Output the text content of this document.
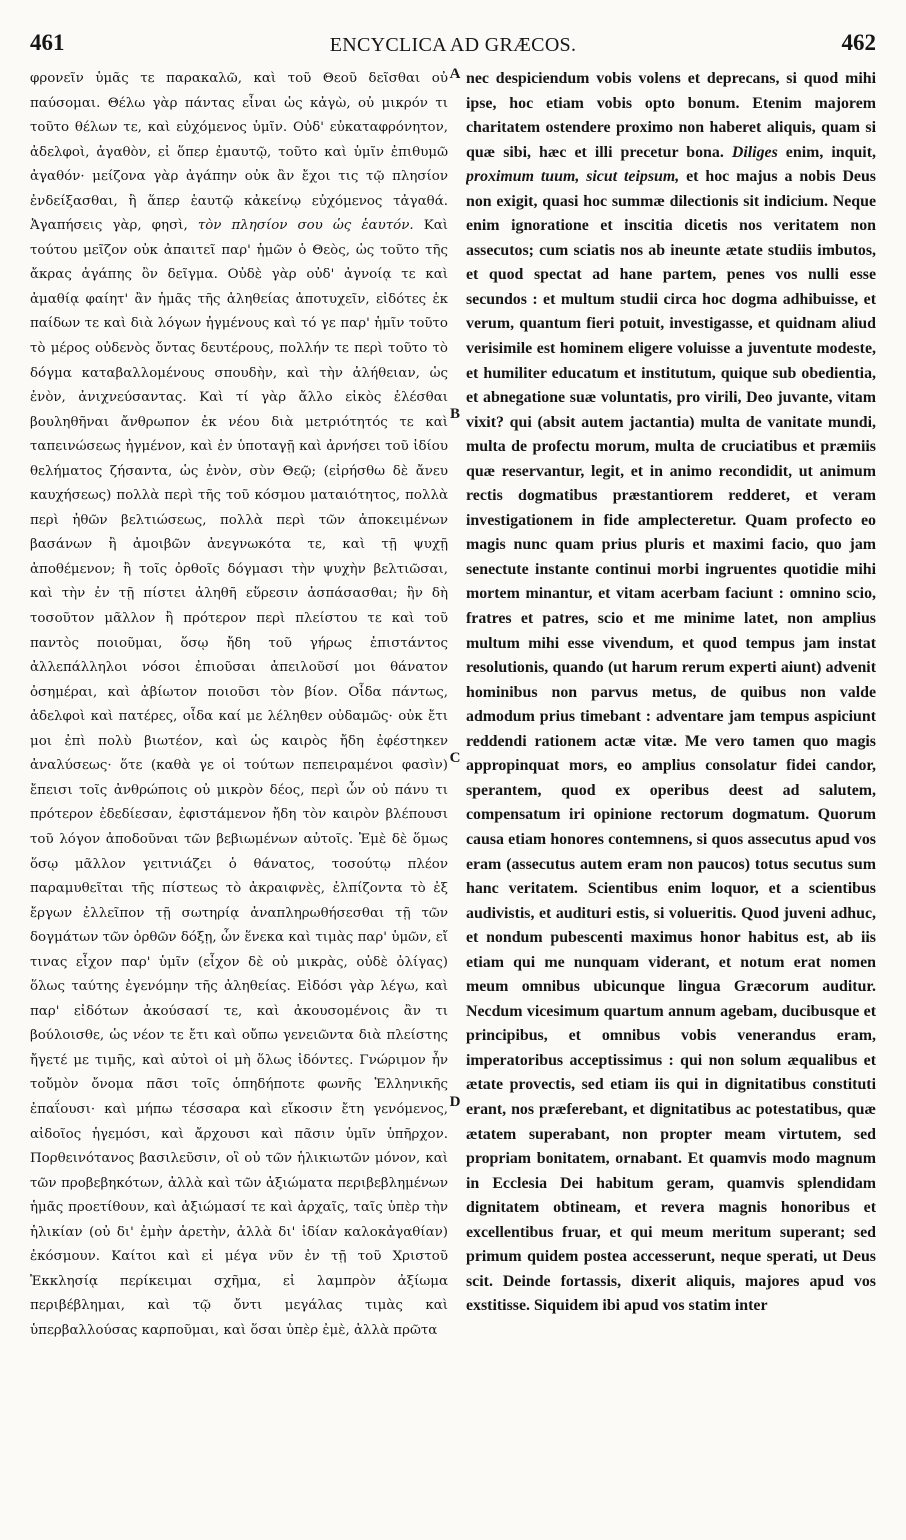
461	ENCYCLICA AD GRÆCOS.	462

φρονεῖν ὑμᾶς τε παρακαλῶ, καὶ τοῦ Θεοῦ δεῖσθαι οὐ παύσομαι. Θέλω γὰρ πάντας εἶναι ὡς κἀγὼ, οὐ μικρόν τι τοῦτο θέλων τε, καὶ εὐχόμενος ὑμῖν. Οὐδ' εὐκαταφρόνητον, ἀδελφοὶ, ἀγαθὸν, εἰ ὅπερ ἐμαυτῷ, τοῦτο καὶ ὑμῖν ἐπιθυμῶ ἀγαθόν· μείζονα γὰρ ἀγάπην οὐκ ἂν ἔχοι τις τῷ πλησίον ἐνδείξασθαι, ἢ ἅπερ ἑαυτῷ κἀκείνῳ εὐχόμενος τἀγαθά. Ἀγαπήσεις γὰρ, φησὶ, τὸν πλησίον σου ὡς ἑαυτόν. Καὶ τούτου μεῖζον οὐκ ἀπαιτεῖ παρ' ἡμῶν ὁ Θεὸς, ὡς τοῦτο τῆς ἄκρας ἀγάπης ὂν δεῖγμα. Οὐδὲ γὰρ οὐδ' ἀγνοίᾳ τε καὶ ἀμαθίᾳ φαίητ' ἂν ἡμᾶς τῆς ἀληθείας ἀποτυχεῖν, εἰδότες ἐκ παίδων τε καὶ διὰ λόγων ἠγμένους καὶ τό γε παρ' ἡμῖν τοῦτο τὸ μέρος οὐδενὸς ὄντας δευτέρους, πολλήν τε περὶ τοῦτο τὸ δόγμα καταβαλλομένους σπουδὴν, καὶ τὴν ἀλήθειαν, ὡς ἐνὸν, ἀνιχνεύσαντας. Καὶ τί γὰρ ἄλλο εἰκὸς ἑλέσθαι βουληθῆναι ἄνθρωπον ἐκ νέου διὰ μετριότητός τε καὶ ταπεινώσεως ἠγμένον, καὶ ἐν ὑποταγῇ καὶ ἀρνήσει τοῦ ἰδίου θελήματος ζήσαντα, ὡς ἐνὸν, σὺν Θεῷ; (εἰρήσθω δὲ ἄνευ καυχήσεως) πολλὰ περὶ τῆς τοῦ κόσμου ματαιότητος, πολλὰ περὶ ἠθῶν βελτιώσεως, πολλὰ περὶ τῶν ἀποκειμένων βασάνων ἢ ἀμοιβῶν ἀνεγνωκότα τε, καὶ τῇ ψυχῇ ἀποθέμενον; ἢ τοῖς ὀρθοῖς δόγμασι τὴν ψυχὴν βελτιῶσαι, καὶ τὴν ἐν τῇ πίστει ἀληθῆ εὕρεσιν ἀσπάσασθαι; ἣν δὴ τοσοῦτον μᾶλλον ἢ πρότερον περὶ πλείστου τε καὶ τοῦ παντὸς ποιοῦμαι, ὅσῳ ἤδη τοῦ γήρως ἐπιστάντος ἀλλεπάλληλοι νόσοι ἐπιοῦσαι ἀπειλοῦσί μοι θάνατον ὁσημέραι, καὶ ἀβίωτον ποιοῦσι τὸν βίον. Οἶδα πάντως, ἀδελφοὶ καὶ πατέρες, οἶδα καί με λέληθεν οὐδαμῶς· οὐκ ἔτι μοι ἐπὶ πολὺ βιωτέον, καὶ ὡς καιρὸς ἤδη ἐφέστηκεν ἀναλύσεως· ὅτε (καθὰ γε οἱ τούτων πεπειραμένοι φασὶν) ἔπεισι τοῖς ἀνθρώποις οὐ μικρὸν δέος, περὶ ὧν οὐ πάνυ τι πρότερον ἐδεδίεσαν, ἐφιστάμενον ἤδη τὸν καιρὸν βλέπουσι τοῦ λόγον ἀποδοῦναι τῶν βεβιωμένων αὐτοῖς. Ἐμὲ δὲ ὅμως ὅσῳ μᾶλλον γειτνιάζει ὁ θάνατος, τοσούτῳ πλέον παραμυθεῖται τῆς πίστεως τὸ ἀκραιφνὲς, ἐλπίζοντα τὸ ἐξ ἔργων ἐλλεῖπον τῇ σωτηρίᾳ ἀναπληρωθήσεσθαι τῇ τῶν δογμάτων τῶν ὀρθῶν δόξῃ, ὧν ἕνεκα καὶ τιμὰς παρ' ὑμῶν, εἴ τινας εἶχον παρ' ὑμῖν (εἶχον δὲ οὐ μικρὰς, οὐδὲ ὀλίγας) ὅλως ταύτης ἐγενόμην τῆς ἀληθείας. Εἰδόσι γὰρ λέγω, καὶ παρ' εἰδότων ἀκούσασί τε, καὶ ἀκουσομένοις ἂν τι βούλοισθε, ὡς νέον τε ἔτι καὶ οὔπω γενειῶντα διὰ πλείστης ἤγετέ με τιμῆς, καὶ αὐτοὶ οἱ μὴ ὅλως ἰδόντες. Γνώριμον ἦν τοὔμὸν ὄνομα πᾶσι τοῖς ὁπηδήποτε φωνῆς Ἑλληνικῆς ἐπαΐουσι· καὶ μήπω τέσσαρα καὶ εἴκοσιν ἔτη γενόμενος, αἰδοῖος ἡγεμόσι, καὶ ἄρχουσι καὶ πᾶσιν ὑμῖν ὑπῆρχον. Πορθεινότανος βασιλεῦσιν, οἳ οὐ τῶν ἡλικιωτῶν μόνον, καὶ τῶν προβεβηκότων, ἀλλὰ καὶ τῶν ἀξιώματα περιβεβλημένων ἡμᾶς προετίθουν, καὶ ἀξιώμασί τε καὶ ἀρχαῖς, ταῖς ὑπὲρ τὴν ἡλικίαν (οὐ δι' ἐμὴν ἀρετὴν, ἀλλὰ δι' ἰδίαν καλοκἀγαθίαν) ἐκόσμουν. Καίτοι καὶ εἰ μέγα νῦν ἐν τῇ τοῦ Χριστοῦ Ἐκκλησίᾳ περίκειμαι σχῆμα, εἰ λαμπρὸν ἀξίωμα περιβέβλημαι, καὶ τῷ ὄντι μεγάλας τιμὰς καὶ ὑπερβαλλούσας καρποῦμαι, καὶ ὅσαι ὑπὲρ ἐμὲ, ἀλλὰ πρῶτα

A
B
C
D

nec despiciendum vobis volens et deprecans, si quod mihi ipse, hoc etiam vobis opto bonum. Etenim majorem charitatem ostendere proximo non haberet aliquis, quam si quæ sibi, hæc et illi precetur bona. Diliges enim, inquit, proximum tuum, sicut teipsum, et hoc majus a nobis Deus non exigit, quasi hoc summæ dilectionis sit indicium. Neque enim ignoratione et inscitia dicetis nos veritatem non assecutos; cum sciatis nos ab ineunte ætate studiis imbutos, et quod spectat ad hane partem, penes vos nulli esse secundos : et multum studii circa hoc dogma adhibuisse, et verum, quantum fieri potuit, investigasse, et quidnam aliud verisimile est hominem eligere voluisse a juventute modeste, et humiliter educatum et institutum, quique sub obedientia, et abnegatione suæ voluntatis, pro virili, Deo juvante, vitam vixit? qui (absit autem jactantia) multa de vanitate mundi, multa de profectu morum, multa de cruciatibus et præmiis quæ reservantur, legit, et in animo recondidit, ut animum rectis dogmatibus præstantiorem redderet, et veram investigationem in fide amplecteretur. Quam profecto eo magis nunc quam prius pluris et maximi facio, quo jam senectute instante continui morbi ingruentes quotidie mihi mortem minantur, et vitam acerbam faciunt : omnino scio, fratres et patres, scio et me minime latet, non amplius multum mihi esse vivendum, et quod tempus jam instat resolutionis, quando (ut harum rerum experti aiunt) advenit hominibus non parvus metus, de quibus non valde admodum prius timebant : adventare jam tempus aspiciunt reddendi rationem actæ vitæ. Me vero tamen quo magis appropinquat mors, eo amplius consolatur fidei candor, sperantem, quod ex operibus deest ad salutem, compensatum iri opinione rectorum dogmatum. Quorum causa etiam honores contemnens, si quos assecutus apud vos eram (assecutus autem eram non paucos) totus secutus sum hanc veritatem. Scientibus enim loquor, et a scientibus audivistis, et audituri estis, si volueritis. Quod juveni adhuc, et nondum pubescenti maximus honor habitus est, ab iis etiam qui me nunquam viderant, et notum erat nomen meum omnibus ubicunque lingua Græcorum auditur. Necdum vicesimum quartum annum agebam, ducibusque et principibus, et omnibus vobis venerandus eram, imperatoribus acceptissimus : qui non solum æqualibus et ætate provectis, sed etiam iis qui in dignitatibus constituti erant, nos præferebant, et dignitatibus ac potestatibus, quæ ætatem superabant, non propter meam virtutem, sed propriam bonitatem, ornabant. Et quamvis modo magnum in Ecclesia Dei habitum geram, quamvis splendidam dignitatem obtineam, et revera magnis honoribus et excellentibus fruar, et qui meum meritum superant; sed primum quidem postea accesserunt, neque sperati, ut Deus scit. Deinde fortassis, dixerit aliquis, majores apud vos exstitisse. Siquidem ibi apud vos statim inter
